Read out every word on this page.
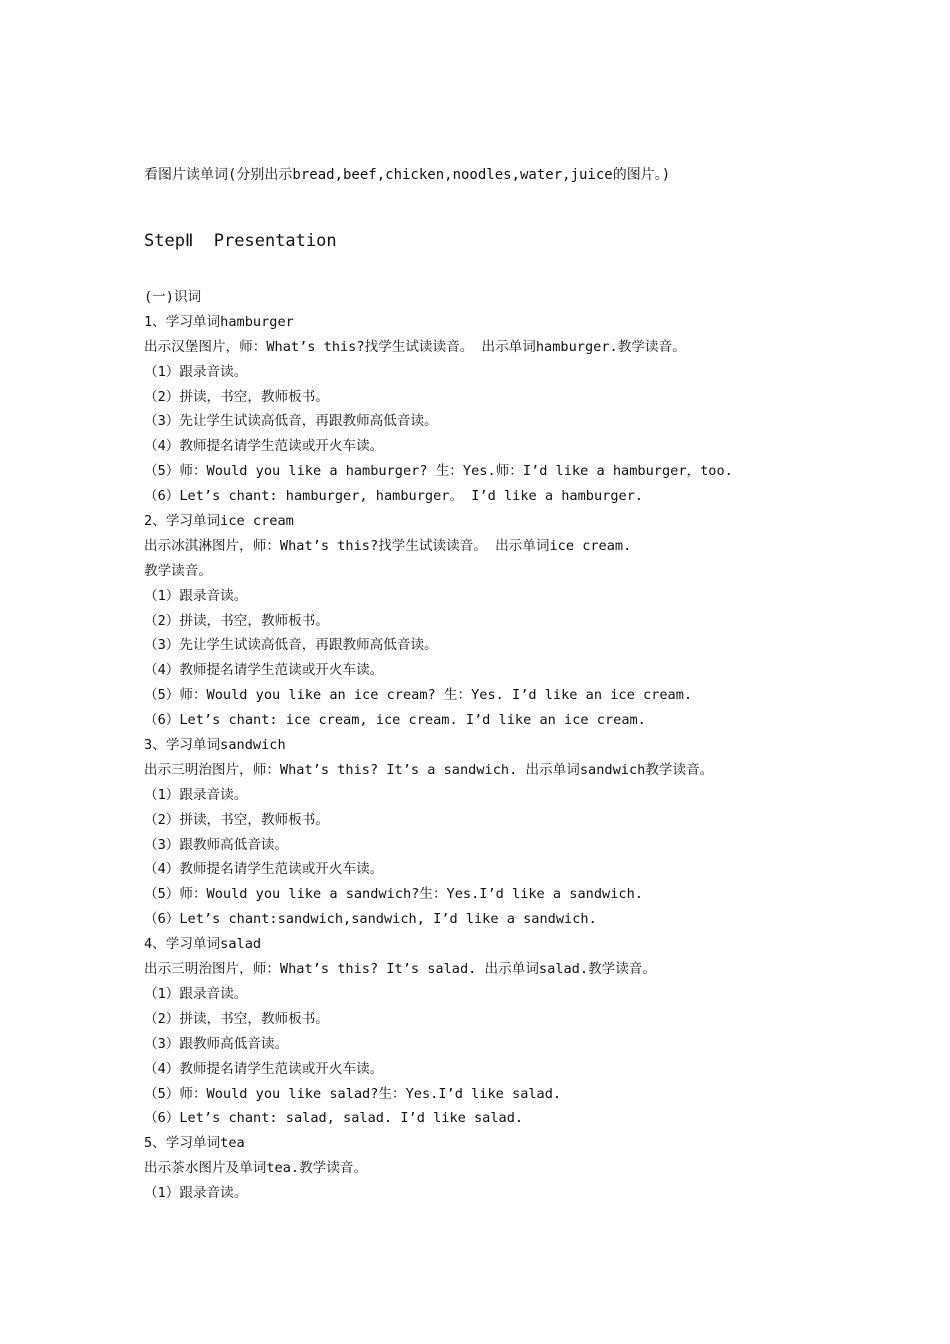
看图片读单词(分别出示bread,beef,chicken,noodles,water,juice的图片。)
StepⅡ  Presentation
(一)识词
1、学习单词hamburger
出示汉堡图片，师：What’s this?找学生试读读音。 出示单词hamburger.教学读音。
（1）跟录音读。
（2）拼读，书空，教师板书。
（3）先让学生试读高低音，再跟教师高低音读。
（4）教师提名请学生范读或开火车读。
（5）师：Would you like a hamburger? 生：Yes.师：I’d like a hamburger，too.
（6）Let’s chant: hamburger, hamburger。 I’d like a hamburger.
2、学习单词ice cream
出示冰淇淋图片，师：What’s this?找学生试读读音。 出示单词ice cream.
教学读音。
（1）跟录音读。
（2）拼读，书空，教师板书。
（3）先让学生试读高低音，再跟教师高低音读。
（4）教师提名请学生范读或开火车读。
（5）师：Would you like an ice cream? 生：Yes. I’d like an ice cream.
（6）Let’s chant: ice cream, ice cream. I’d like an ice cream.
3、学习单词sandwich
出示三明治图片，师：What’s this? It’s a sandwich. 出示单词sandwich教学读音。
（1）跟录音读。
（2）拼读，书空，教师板书。
（3）跟教师高低音读。
（4）教师提名请学生范读或开火车读。
（5）师：Would you like a sandwich?生：Yes.I’d like a sandwich.
（6）Let’s chant:sandwich,sandwich, I’d like a sandwich.
4、学习单词salad
出示三明治图片，师：What’s this? It’s salad. 出示单词salad.教学读音。
（1）跟录音读。
（2）拼读，书空，教师板书。
（3）跟教师高低音读。
（4）教师提名请学生范读或开火车读。
（5）师：Would you like salad?生：Yes.I’d like salad.
（6）Let’s chant: salad, salad. I’d like salad.
5、学习单词tea
出示茶水图片及单词tea.教学读音。
（1）跟录音读。
